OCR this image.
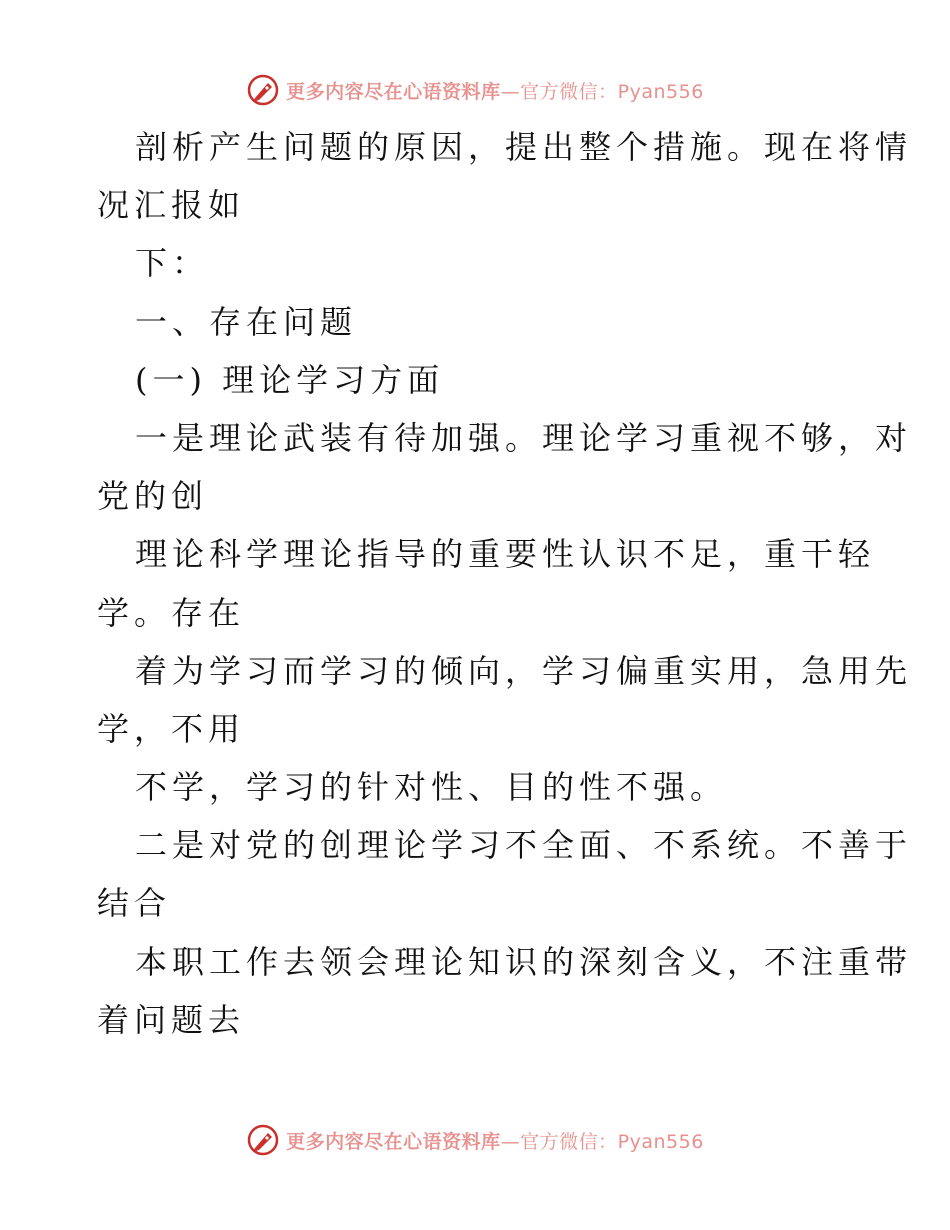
更多内容尽在心语资料库—官方微信：Pyan556
剖析产生问题的原因，提出整个措施。现在将情
况汇报如
下：
一、存在问题
(一) 理论学习方面
一是理论武装有待加强。理论学习重视不够，对
党的创
理论科学理论指导的重要性认识不足，重干轻
学。存在
着为学习而学习的倾向，学习偏重实用，急用先
学，不用
不学，学习的针对性、目的性不强。
二是对党的创理论学习不全面、不系统。不善于
结合
本职工作去领会理论知识的深刻含义，不注重带
着问题去
更多内容尽在心语资料库—官方微信：Pyan556
